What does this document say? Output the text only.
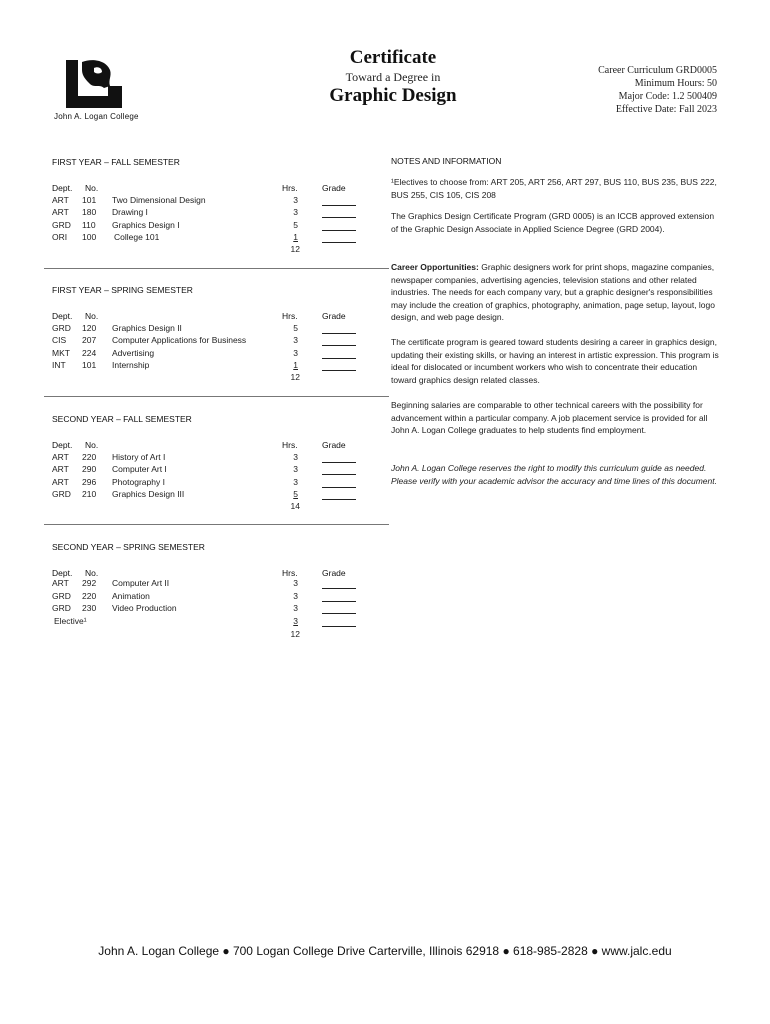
John A. Logan College
Certificate
Toward a Degree in
Graphic Design
Career Curriculum GRD0005
Minimum Hours: 50
Major Code: 1.2 500409
Effective Date: Fall 2023
FIRST YEAR – FALL SEMESTER
Dept. No.	Hrs.	Grade
ART 101 Two Dimensional Design	3
ART 180 Drawing I	3
GRD 110 Graphics Design I	5
ORI 100 College 101	1
12
FIRST YEAR – SPRING SEMESTER
Dept. No.	Hrs.	Grade
GRD 120 Graphics Design II	5
CIS 207 Computer Applications for Business	3
MKT 224 Advertising	3
INT 101 Internship	1
12
SECOND YEAR – FALL SEMESTER
Dept. No.	Hrs.	Grade
ART 220 History of Art I	3
ART 290 Computer Art I	3
ART 296 Photography I	3
GRD 210 Graphics Design III	5
14
SECOND YEAR – SPRING SEMESTER
Dept. No.	Hrs.	Grade
ART 292 Computer Art II	3
GRD 220 Animation	3
GRD 230 Video Production	3
Elective¹	3
12

NOTES AND INFORMATION

¹Electives to choose from: ART 205, ART 256, ART 297, BUS 110, BUS 235, BUS 222, BUS 255, CIS 105, CIS 208

The Graphics Design Certificate Program (GRD 0005) is an ICCB approved extension of the Graphic Design Associate in Applied Science Degree (GRD 2004).

Career Opportunities: Graphic designers work for print shops, magazine companies, newspaper companies, advertising agencies, television stations and other related industries. The needs for each company vary, but a graphic designer's responsibilities may include the creation of graphics, photography, animation, page setup, layout, logo design, and web page design.

The certificate program is geared toward students desiring a career in graphics design, updating their existing skills, or having an interest in artistic expression. This program is ideal for dislocated or incumbent workers who wish to concentrate their education toward graphics design related classes.

Beginning salaries are comparable to other technical careers with the possibility for advancement within a particular company. A job placement service is provided for all John A. Logan College graduates to help students find employment.

John A. Logan College reserves the right to modify this curriculum guide as needed. Please verify with your academic advisor the accuracy and time lines of this document.

John A. Logan College ● 700 Logan College Drive Carterville, Illinois 62918 ● 618-985-2828 ● www.jalc.edu
